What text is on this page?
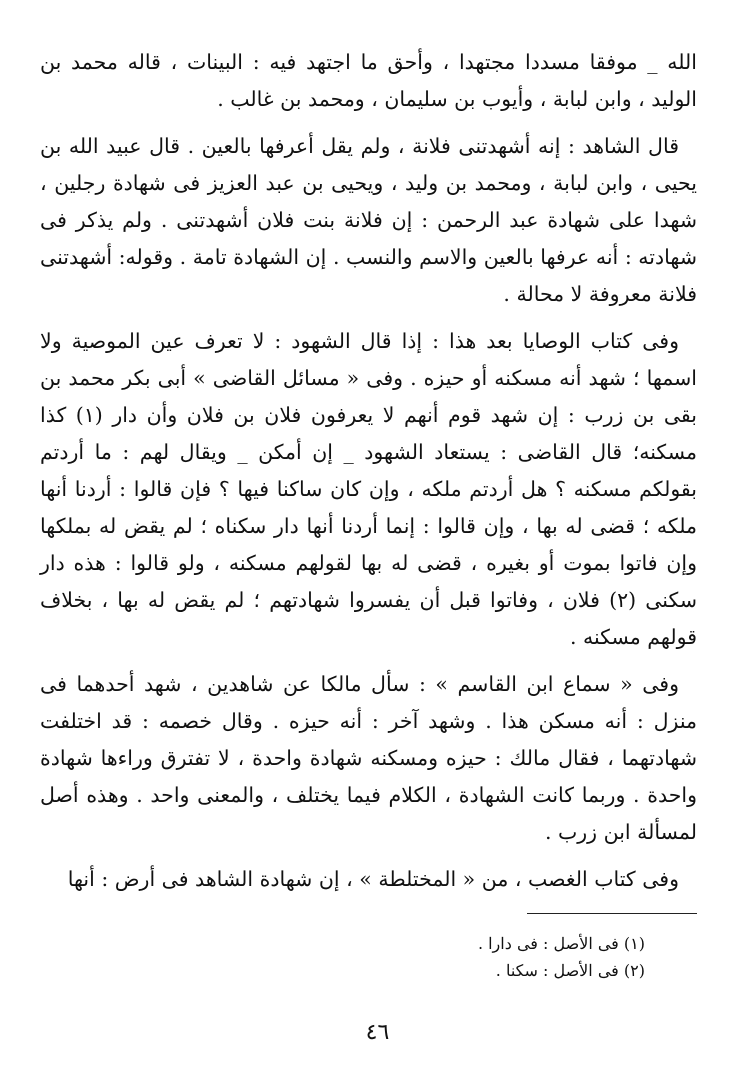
الله _ موفقا مسددا مجتهدا ، وأحق ما اجتهد فيه : البينات ، قاله محمد بن الوليد ، وابن لبابة ، وأيوب بن سليمان ، ومحمد بن غالب .

قال الشاهد : إنه أشهدتنى فلانة ، ولم يقل أعرفها بالعين . قال عبيد الله بن يحيى ، وابن لبابة ، ومحمد بن وليد ، ويحيى بن عبد العزيز فى شهادة رجلين ، شهدا على شهادة عبد الرحمن : إن فلانة بنت فلان أشهدتنى . ولم يذكر فى شهادته : أنه عرفها بالعين والاسم والنسب . إن الشهادة تامة . وقوله: أشهدتنى فلانة معروفة لا محالة .

وفى كتاب الوصايا بعد هذا : إذا قال الشهود : لا تعرف عين الموصية ولا اسمها ؛ شهد أنه مسكنه أو حيزه . وفى « مسائل القاضى » أبى بكر محمد بن بقى بن زرب : إن شهد قوم أنهم لا يعرفون فلان بن فلان وأن دار (١) كذا مسكنه؛ قال القاضى : يستعاد الشهود _ إن أمكن _ ويقال لهم : ما أردتم بقولكم مسكنه ؟ هل أردتم ملكه ، وإن كان ساكنا فيها ؟ فإن قالوا : أردنا أنها ملكه ؛ قضى له بها ، وإن قالوا : إنما أردنا أنها دار سكناه ؛ لم يقض له بملكها وإن فاتوا بموت أو بغيره ، قضى له بها لقولهم مسكنه ، ولو قالوا : هذه دار سكنى (٢) فلان ، وفاتوا قبل أن يفسروا شهادتهم ؛ لم يقض له بها ، بخلاف قولهم مسكنه .

وفى « سماع ابن القاسم » : سأل مالكا عن شاهدين ، شهد أحدهما فى منزل : أنه مسكن هذا . وشهد آخر : أنه حيزه . وقال خصمه : قد اختلفت شهادتهما ، فقال مالك : حيزه ومسكنه شهادة واحدة ، لا تفترق وراءها شهادة واحدة . وربما كانت الشهادة ، الكلام فيما يختلف ، والمعنى واحد . وهذه أصل لمسألة ابن زرب .

وفى كتاب الغصب ، من « المختلطة » ، إن شهادة الشاهد فى أرض : أنها

(١) فى الأصل : فى دارا .

(٢) فى الأصل : سكنا .

٤٦
